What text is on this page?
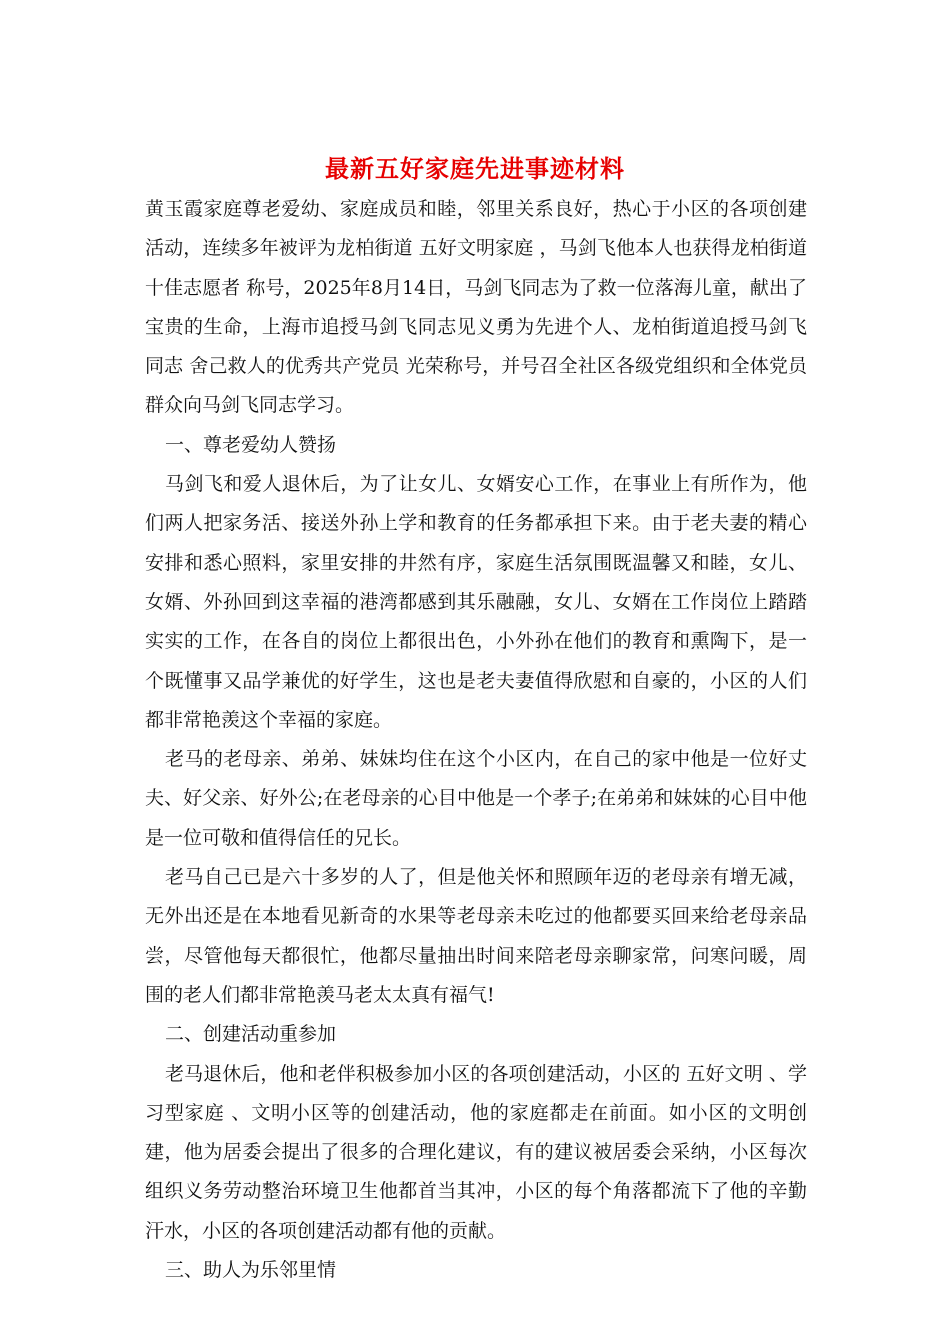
最新五好家庭先进事迹材料

黄玉霞家庭尊老爱幼、家庭成员和睦，邻里关系良好，热心于小区的各项创建活动，连续多年被评为龙柏街道 五好文明家庭 ，马剑飞他本人也获得龙柏街道 十佳志愿者 称号，2025年8月14日，马剑飞同志为了救一位落海儿童，献出了宝贵的生命，上海市追授马剑飞同志见义勇为先进个人、龙柏街道追授马剑飞同志 舍己救人的优秀共产党员 光荣称号，并号召全社区各级党组织和全体党员群众向马剑飞同志学习。

一、尊老爱幼人赞扬

马剑飞和爱人退休后，为了让女儿、女婿安心工作，在事业上有所作为，他们两人把家务活、接送外孙上学和教育的任务都承担下来。由于老夫妻的精心安排和悉心照料，家里安排的井然有序，家庭生活氛围既温馨又和睦，女儿、女婿、外孙回到这幸福的港湾都感到其乐融融，女儿、女婿在工作岗位上踏踏实实的工作，在各自的岗位上都很出色，小外孙在他们的教育和熏陶下，是一个既懂事又品学兼优的好学生，这也是老夫妻值得欣慰和自豪的，小区的人们都非常艳羡这个幸福的家庭。

老马的老母亲、弟弟、妹妹均住在这个小区内，在自己的家中他是一位好丈夫、好父亲、好外公;在老母亲的心目中他是一个孝子;在弟弟和妹妹的心目中他是一位可敬和值得信任的兄长。

老马自己已是六十多岁的人了，但是他关怀和照顾年迈的老母亲有增无减，无外出还是在本地看见新奇的水果等老母亲未吃过的他都要买回来给老母亲品尝，尽管他每天都很忙，他都尽量抽出时间来陪老母亲聊家常，问寒问暖，周围的老人们都非常艳羡马老太太真有福气!

二、创建活动重参加

老马退休后，他和老伴积极参加小区的各项创建活动，小区的 五好文明 、学习型家庭 、文明小区等的创建活动，他的家庭都走在前面。如小区的文明创建，他为居委会提出了很多的合理化建议，有的建议被居委会采纳，小区每次组织义务劳动整治环境卫生他都首当其冲，小区的每个角落都流下了他的辛勤汗水，小区的各项创建活动都有他的贡献。

三、助人为乐邻里情
